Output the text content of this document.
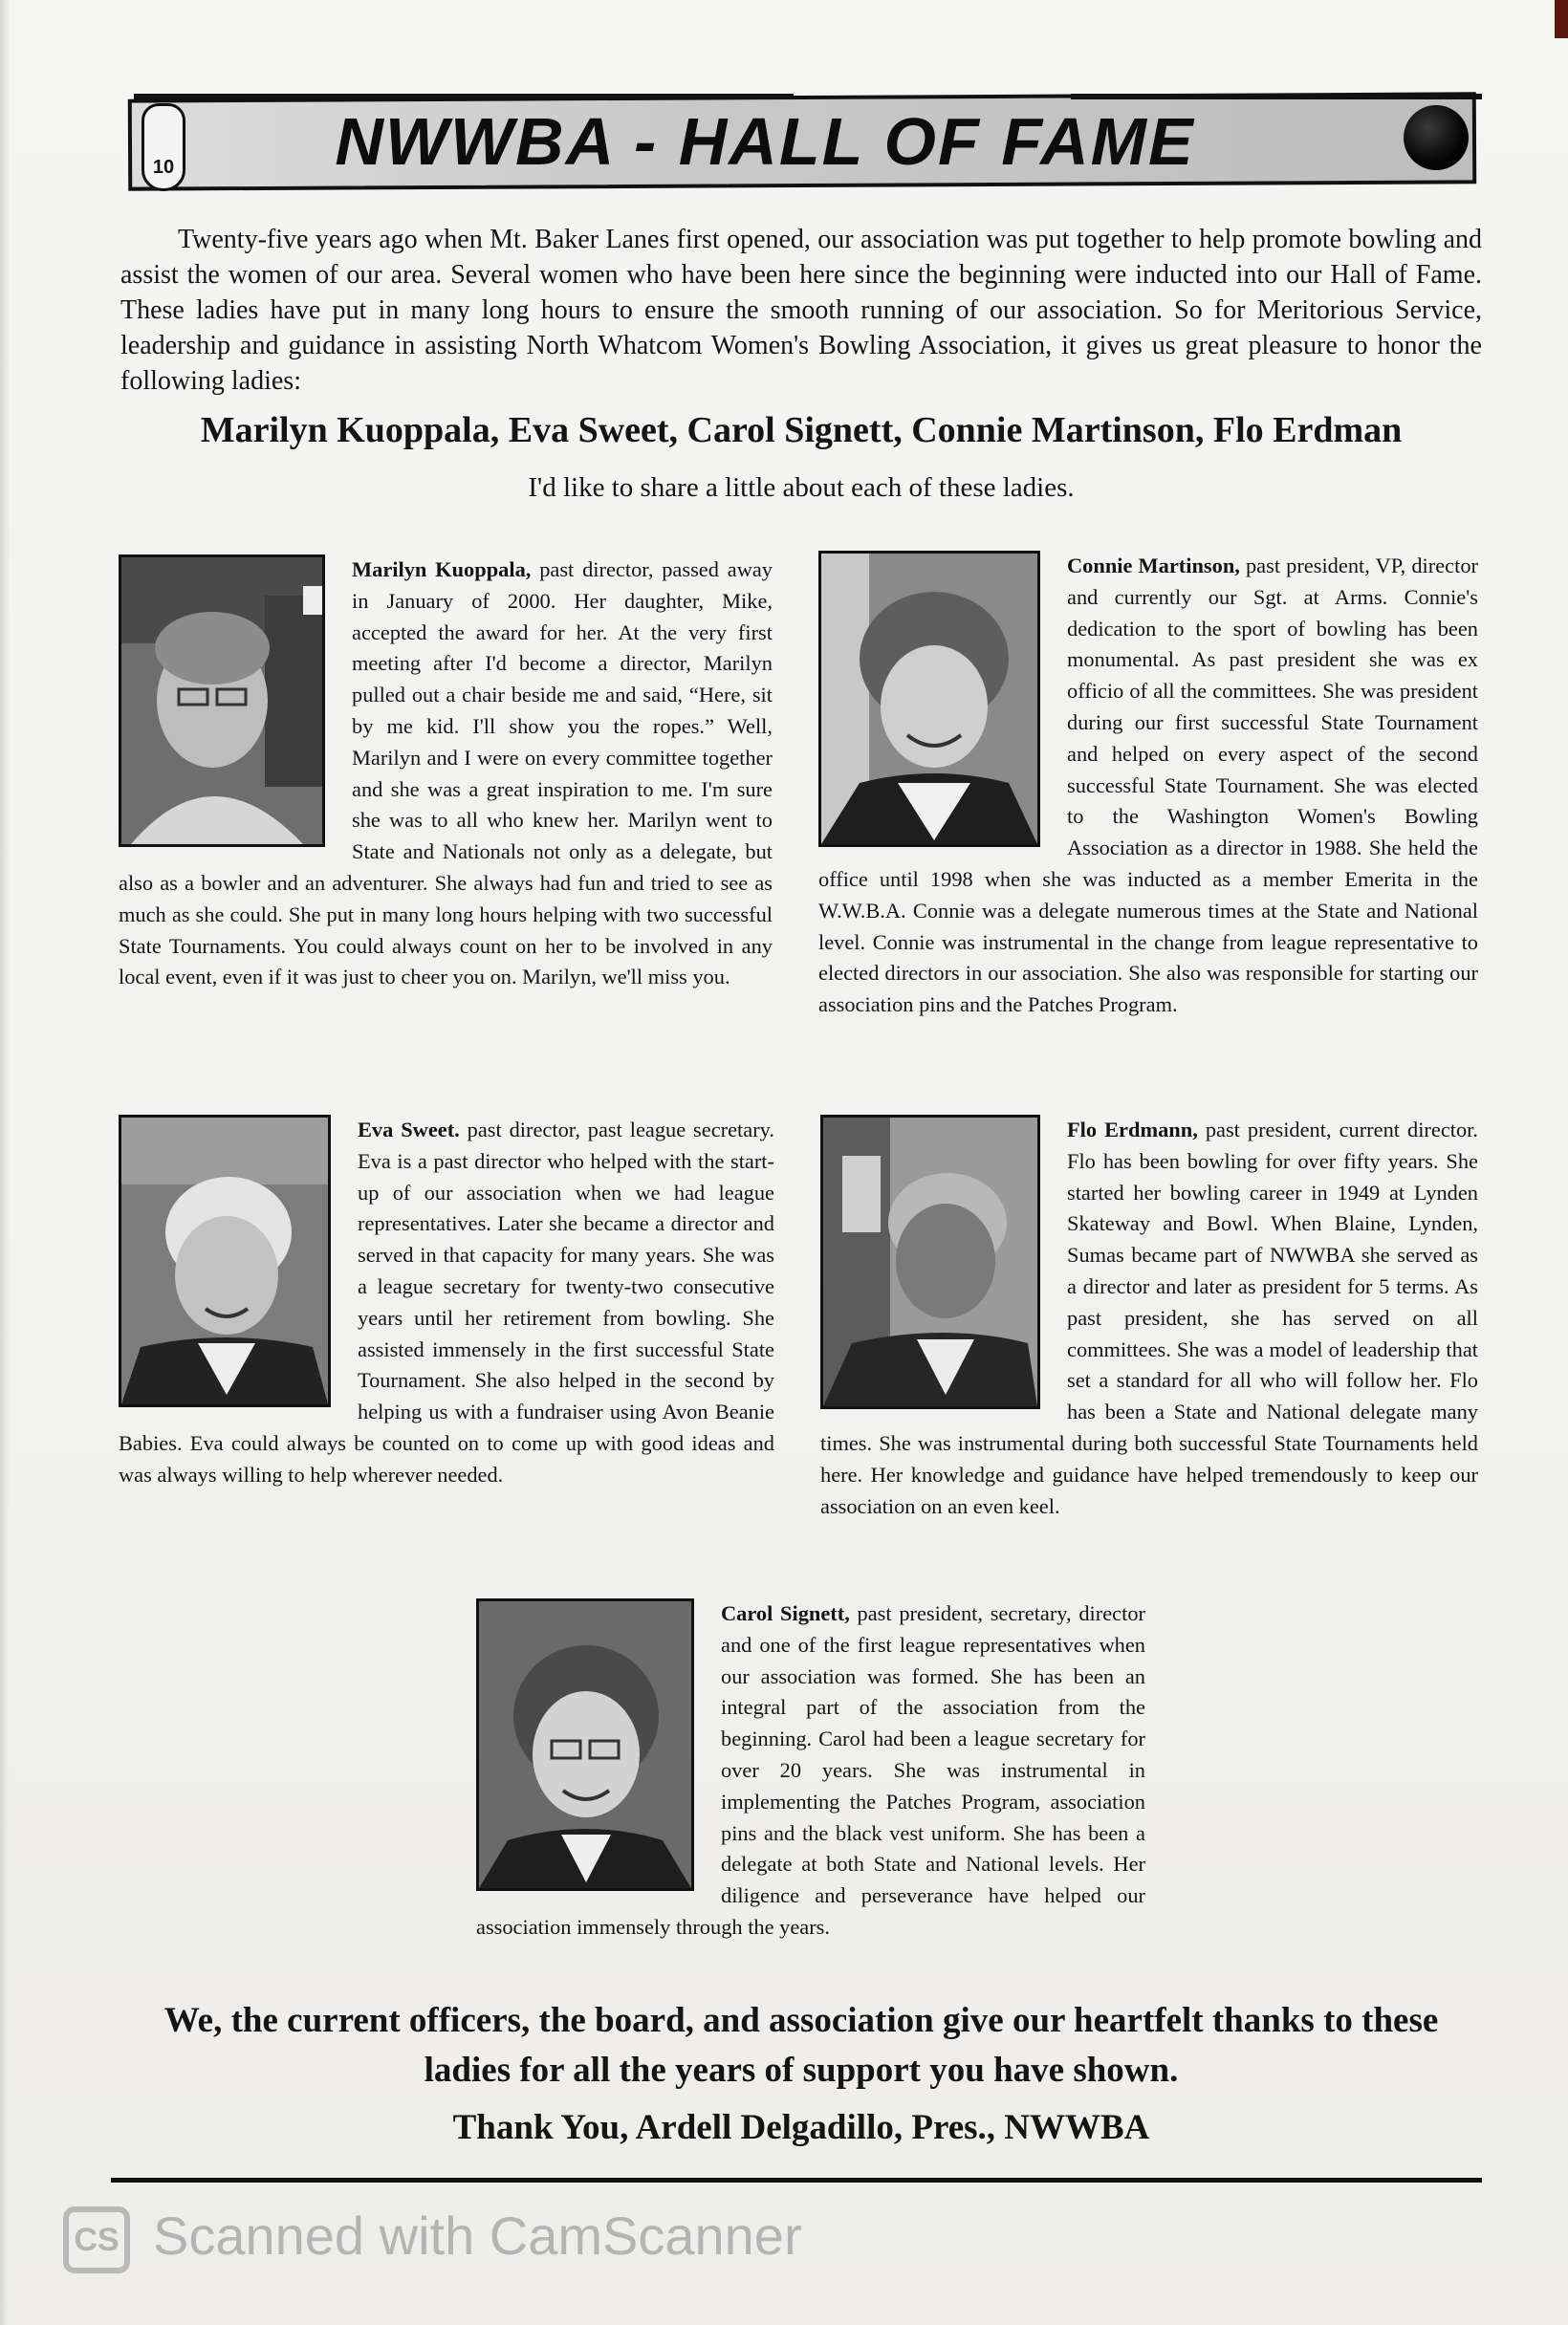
10	NWWBA - HALL OF FAME
Twenty-five years ago when Mt. Baker Lanes first opened, our association was put together to help promote bowling and assist the women of our area. Several women who have been here since the beginning were inducted into our Hall of Fame. These ladies have put in many long hours to ensure the smooth running of our association. So for Meritorious Service, leadership and guidance in assisting North Whatcom Women's Bowling Association, it gives us great pleasure to honor the following ladies:
Marilyn Kuoppala, Eva Sweet, Carol Signett, Connie Martinson, Flo Erdman
I'd like to share a little about each of these ladies.
Marilyn Kuoppala, past director, passed away in January of 2000. Her daughter, Mike, accepted the award for her. At the very first meeting after I'd become a director, Marilyn pulled out a chair beside me and said, “Here, sit by me kid. I'll show you the ropes.” Well, Marilyn and I were on every committee together and she was a great inspiration to me. I'm sure she was to all who knew her. Marilyn went to State and Nationals not only as a delegate, but also as a bowler and an adventurer. She always had fun and tried to see as much as she could. She put in many long hours helping with two successful State Tournaments. You could always count on her to be involved in any local event, even if it was just to cheer you on. Marilyn, we'll miss you.
Connie Martinson, past president, VP, director and currently our Sgt. at Arms. Connie's dedication to the sport of bowling has been monumental. As past president she was ex officio of all the committees. She was president during our first successful State Tournament and helped on every aspect of the second successful State Tournament. She was elected to the Washington Women's Bowling Association as a director in 1988. She held the office until 1998 when she was inducted as a member Emerita in the W.W.B.A. Connie was a delegate numerous times at the State and National level. Connie was instrumental in the change from league representative to elected directors in our association. She also was responsible for starting our association pins and the Patches Program.
Eva Sweet. past director, past league secretary. Eva is a past director who helped with the start-up of our association when we had league representatives. Later she became a director and served in that capacity for many years. She was a league secretary for twenty-two consecutive years until her retirement from bowling. She assisted immensely in the first successful State Tournament. She also helped in the second by helping us with a fundraiser using Avon Beanie Babies. Eva could always be counted on to come up with good ideas and was always willing to help wherever needed.
Flo Erdmann, past president, current director. Flo has been bowling for over fifty years. She started her bowling career in 1949 at Lynden Skateway and Bowl. When Blaine, Lynden, Sumas became part of NWWBA she served as a director and later as president for 5 terms. As past president, she has served on all committees. She was a model of leadership that set a standard for all who will follow her. Flo has been a State and National delegate many times. She was instrumental during both successful State Tournaments held here. Her knowledge and guidance have helped tremendously to keep our association on an even keel.
Carol Signett, past president, secretary, director and one of the first league representatives when our association was formed. She has been an integral part of the association from the beginning. Carol had been a league secretary for over 20 years. She was instrumental in implementing the Patches Program, association pins and the black vest uniform. She has been a delegate at both State and National levels. Her diligence and perseverance have helped our association immensely through the years.
We, the current officers, the board, and association give our heartfelt thanks to these ladies for all the years of support you have shown.
Thank You, Ardell Delgadillo, Pres., NWWBA
CS Scanned with CamScanner
